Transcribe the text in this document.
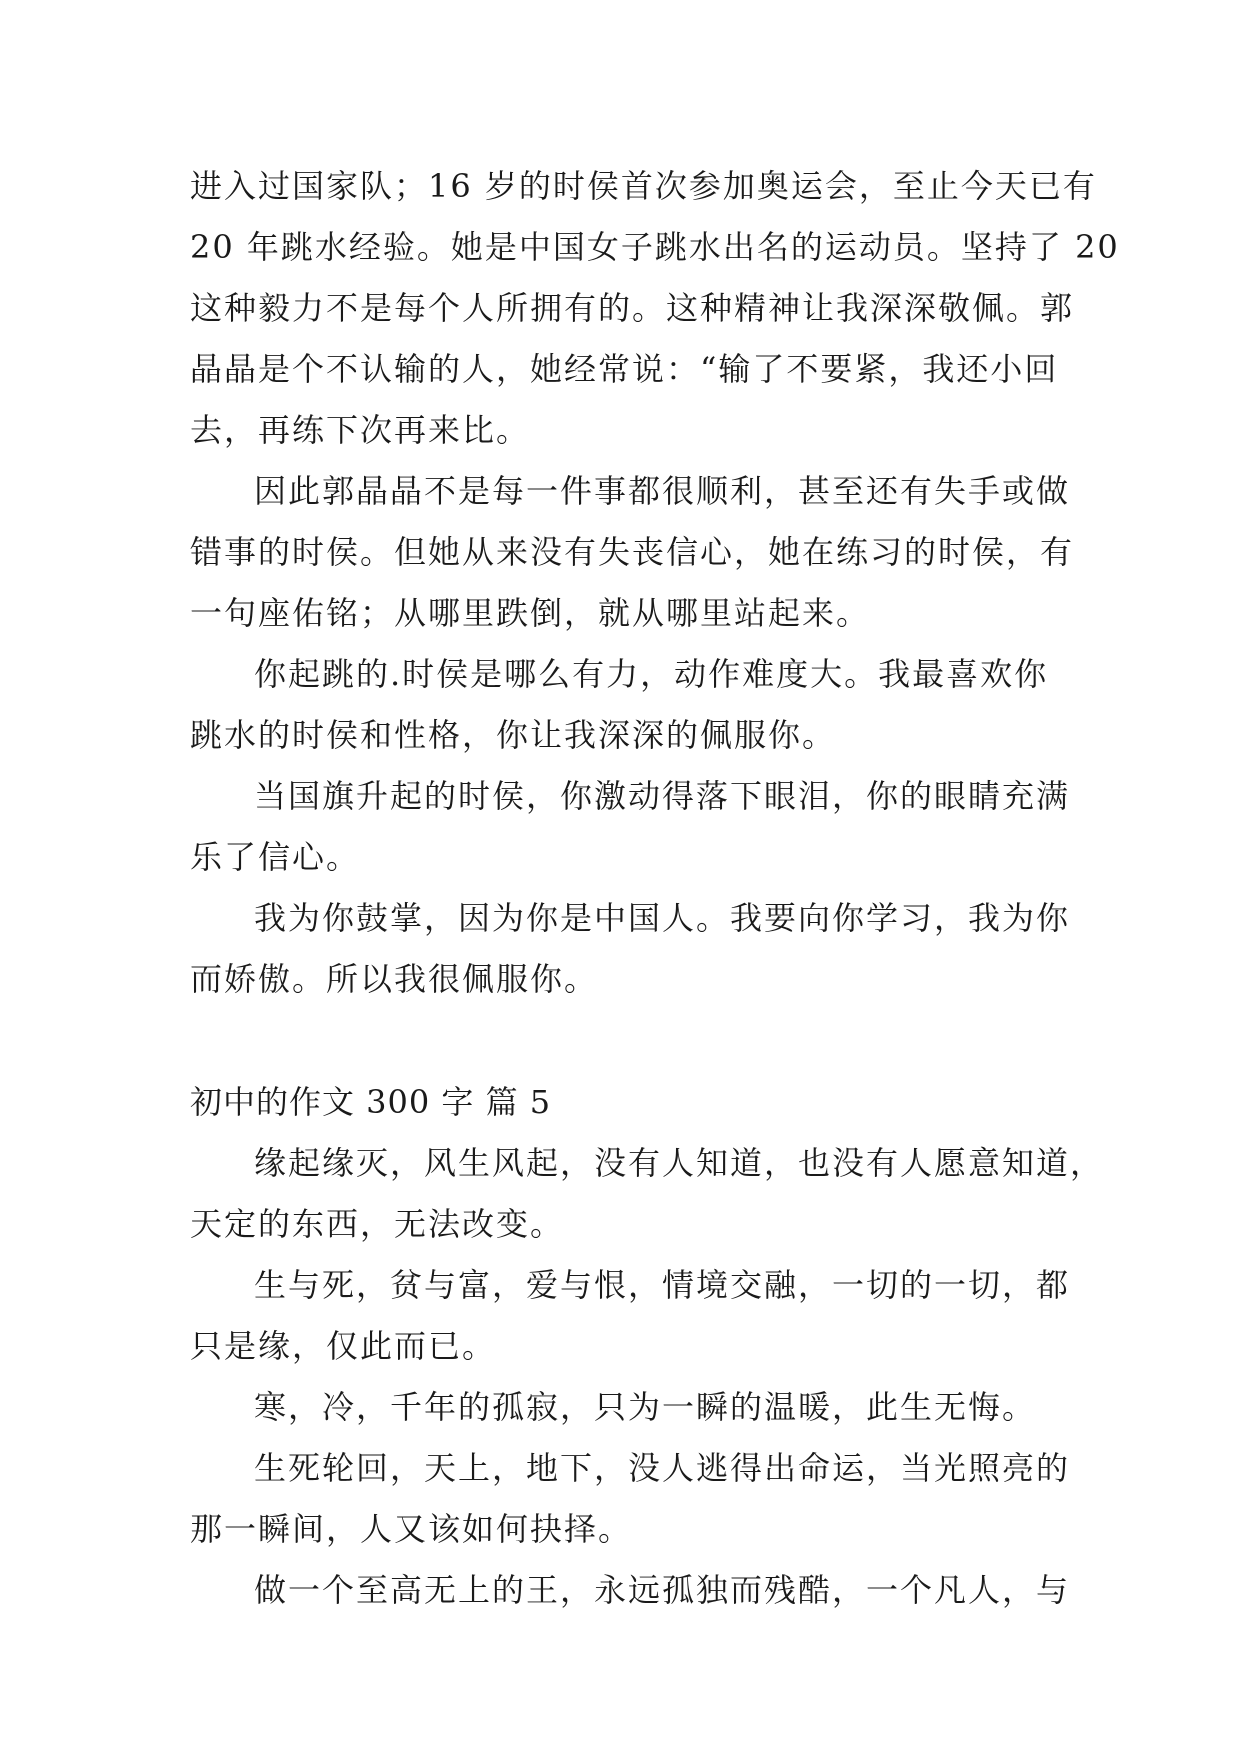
进入过国家队；16 岁的时侯首次参加奥运会，至止今天已有
20 年跳水经验。她是中国女子跳水出名的运动员。坚持了 20
这种毅力不是每个人所拥有的。这种精神让我深深敬佩。郭
晶晶是个不认输的人，她经常说：“输了不要紧，我还小回
去，再练下次再来比。
因此郭晶晶不是每一件事都很顺利，甚至还有失手或做
错事的时侯。但她从来没有失丧信心，她在练习的时侯，有
一句座佑铭；从哪里跌倒，就从哪里站起来。
你起跳的.时侯是哪么有力，动作难度大。我最喜欢你
跳水的时侯和性格，你让我深深的佩服你。
当国旗升起的时侯，你激动得落下眼泪，你的眼睛充满
乐了信心。
我为你鼓掌，因为你是中国人。我要向你学习，我为你
而娇傲。所以我很佩服你。
初中的作文 300 字 篇 5
缘起缘灭，风生风起，没有人知道，也没有人愿意知道，
天定的东西，无法改变。
生与死，贫与富，爱与恨，情境交融，一切的一切，都
只是缘，仅此而已。
寒，冷，千年的孤寂，只为一瞬的温暖，此生无悔。
生死轮回，天上，地下，没人逃得出命运，当光照亮的
那一瞬间，人又该如何抉择。
做一个至高无上的王，永远孤独而残酷，一个凡人，与
